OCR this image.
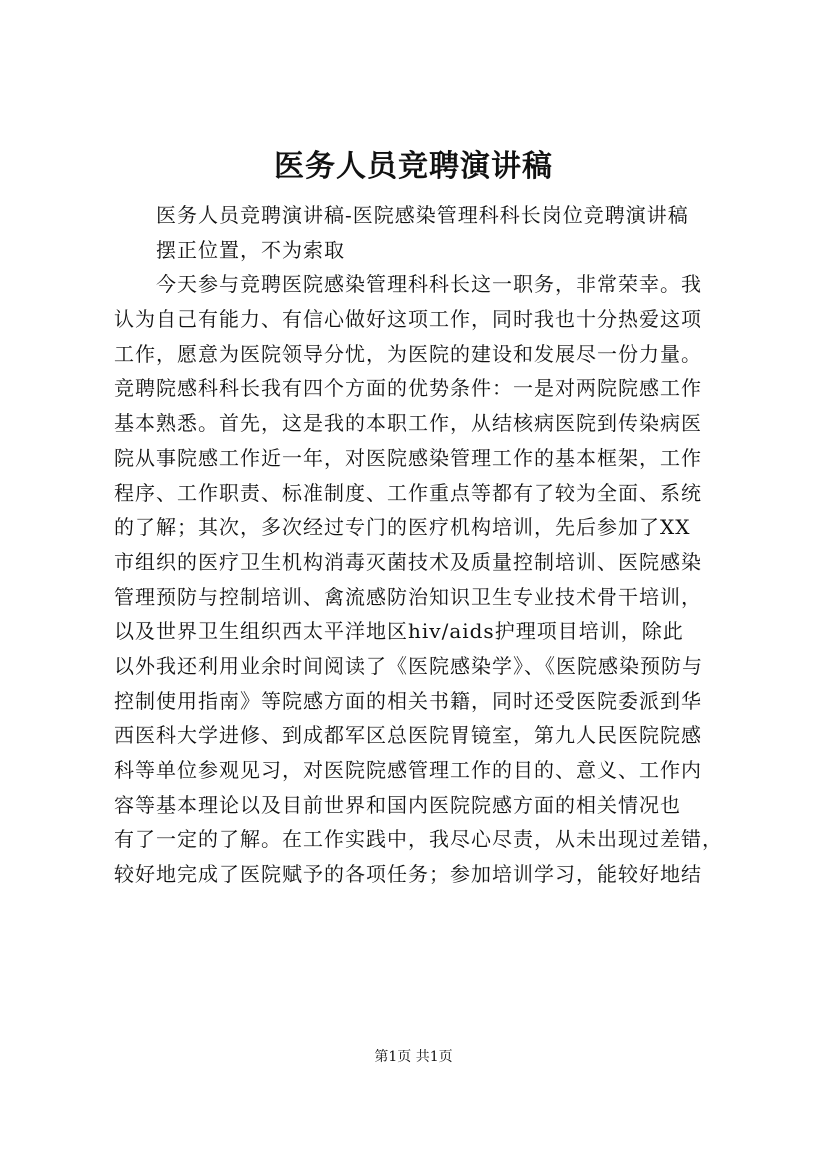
医务人员竞聘演讲稿
医务人员竞聘演讲稿-医院感染管理科科长岗位竞聘演讲稿
摆正位置，不为索取
今天参与竞聘医院感染管理科科长这一职务，非常荣幸。我
认为自己有能力、有信心做好这项工作，同时我也十分热爱这项
工作，愿意为医院领导分忧，为医院的建设和发展尽一份力量。
竞聘院感科科长我有四个方面的优势条件：一是对两院院感工作
基本熟悉。首先，这是我的本职工作，从结核病医院到传染病医
院从事院感工作近一年，对医院感染管理工作的基本框架，工作
程序、工作职责、标准制度、工作重点等都有了较为全面、系统
的了解；其次，多次经过专门的医疗机构培训，先后参加了XX
市组织的医疗卫生机构消毒灭菌技术及质量控制培训、医院感染
管理预防与控制培训、禽流感防治知识卫生专业技术骨干培训，
以及世界卫生组织西太平洋地区hiv/aids护理项目培训，除此
以外我还利用业余时间阅读了《医院感染学》、《医院感染预防与
控制使用指南》等院感方面的相关书籍，同时还受医院委派到华
西医科大学进修、到成都军区总医院胃镜室，第九人民医院院感
科等单位参观见习，对医院院感管理工作的目的、意义、工作内
容等基本理论以及目前世界和国内医院院感方面的相关情况也
有了一定的了解。在工作实践中，我尽心尽责，从未出现过差错，
较好地完成了医院赋予的各项任务；参加培训学习，能较好地结
第1页 共1页
